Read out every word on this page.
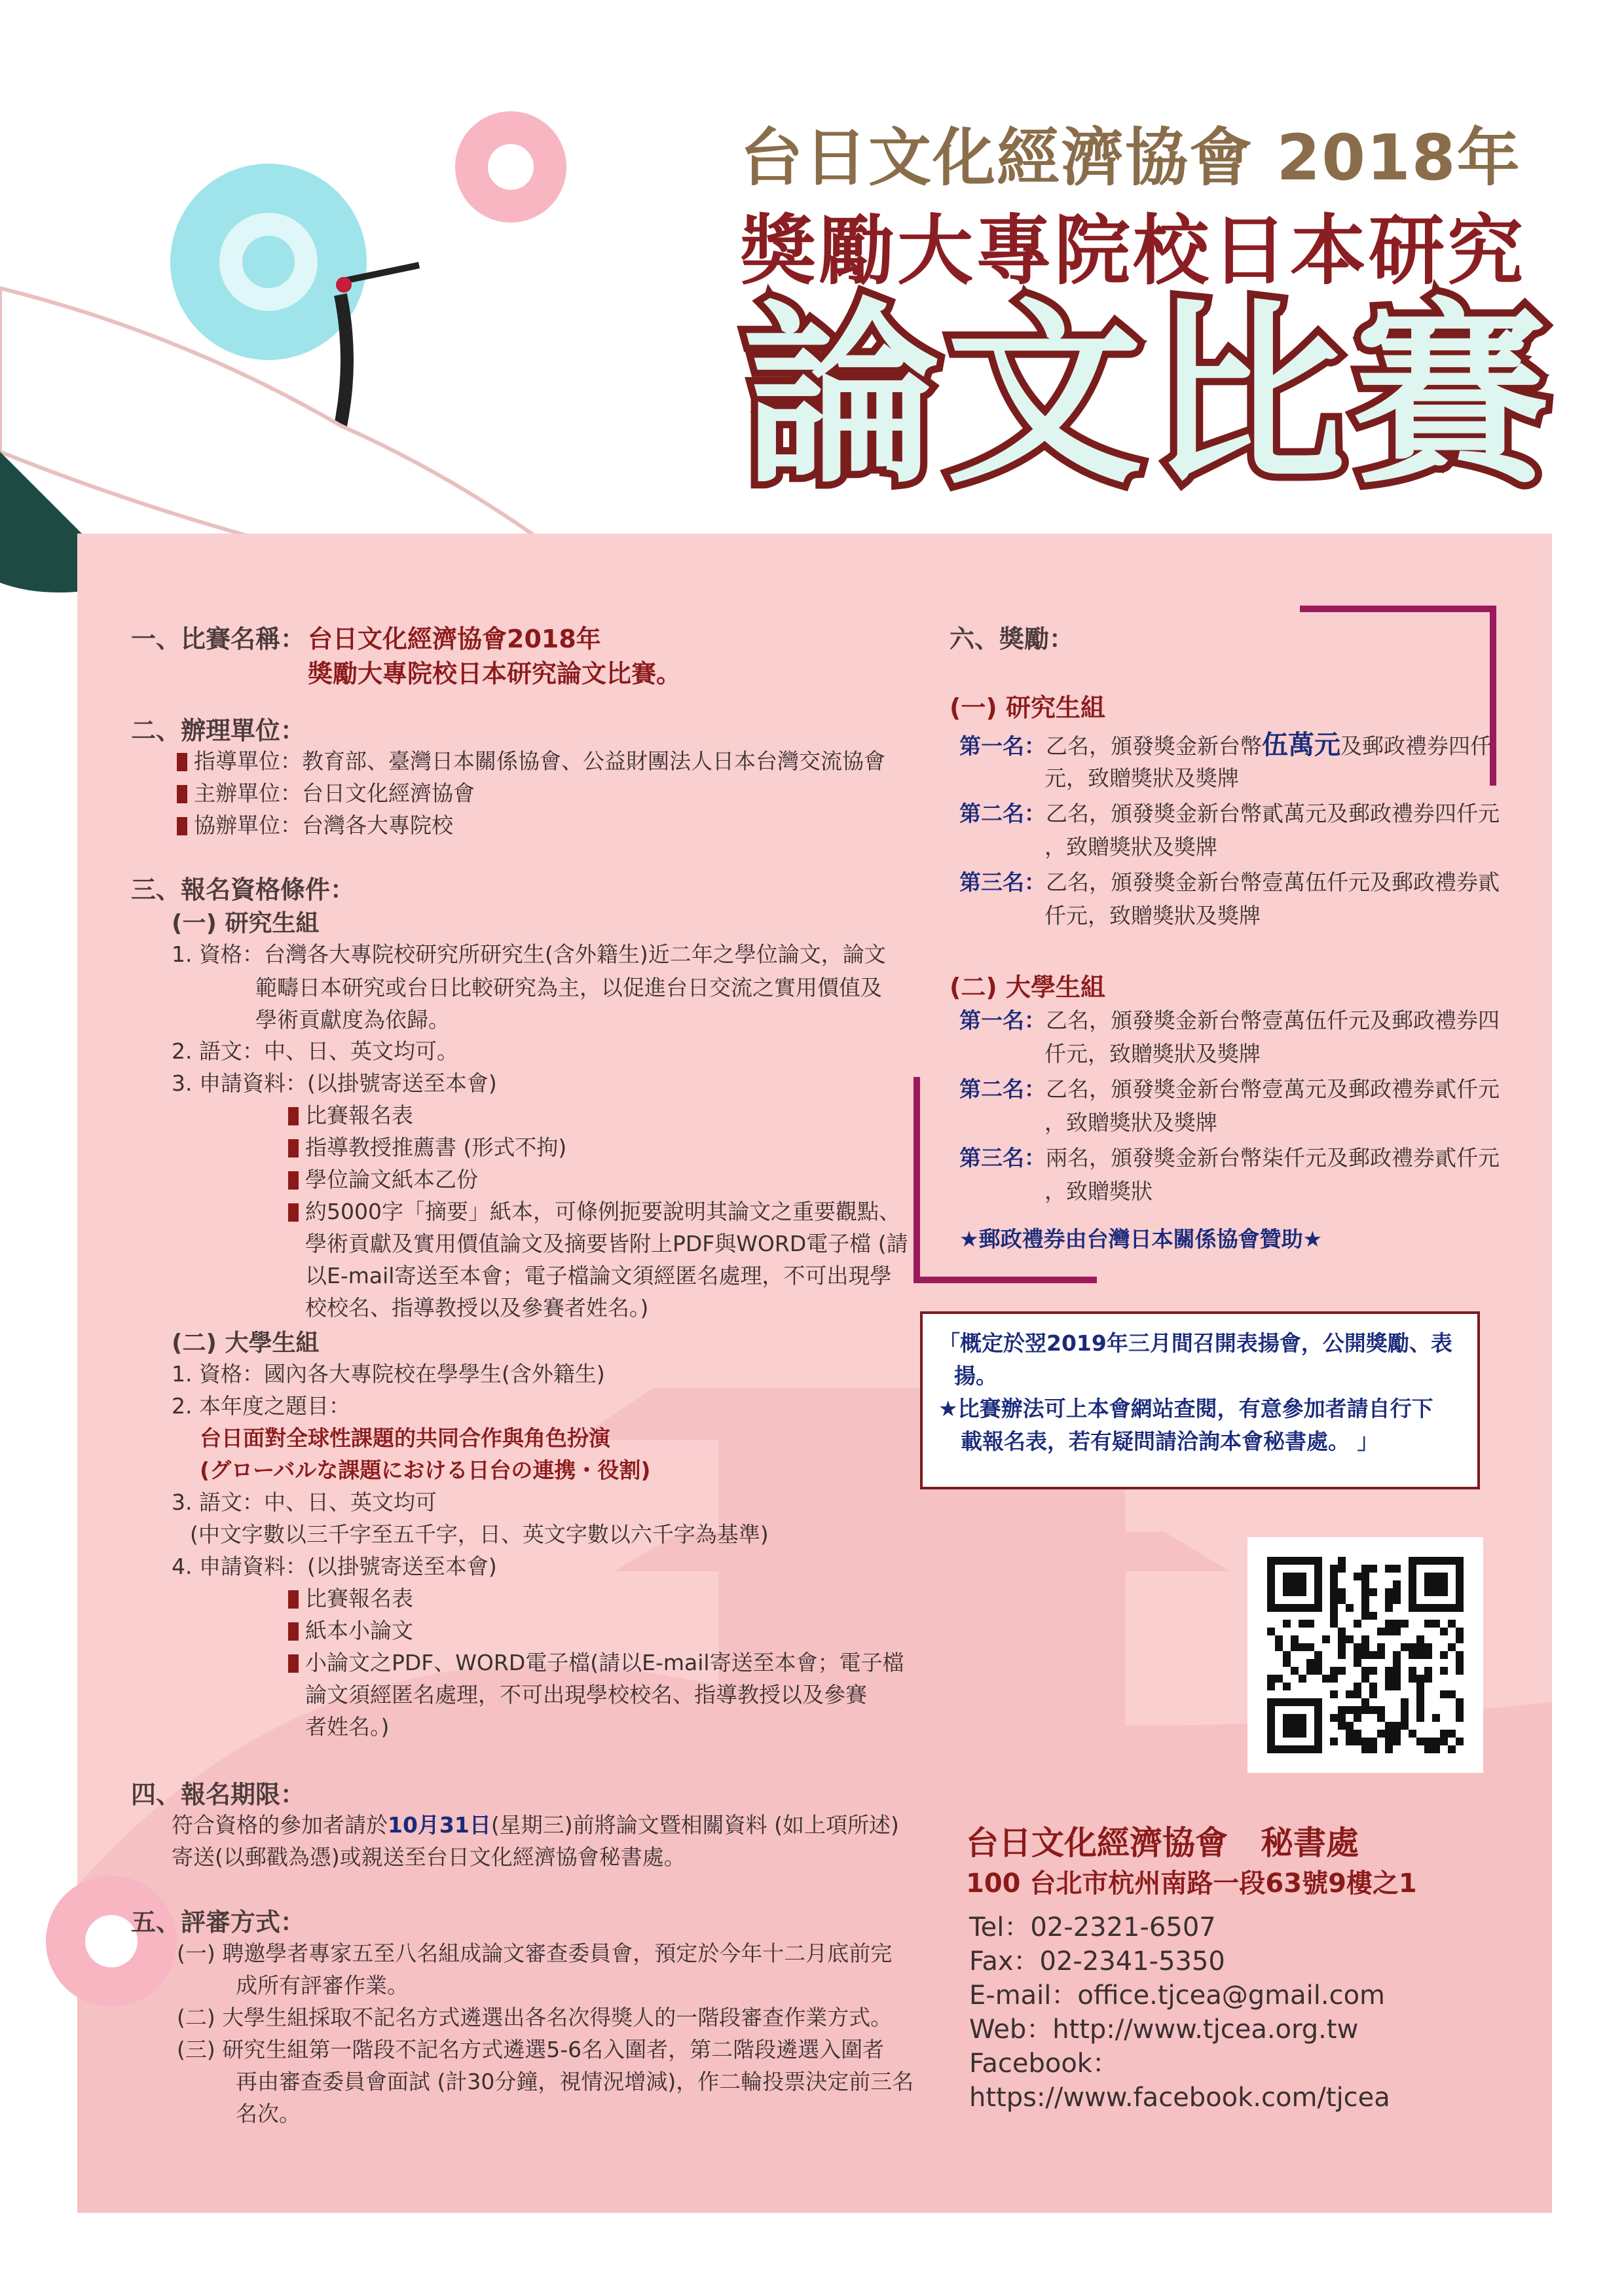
台日文化經濟協會 2018年
獎勵大專院校日本研究
論文比賽
一、比賽名稱： 台日文化經濟協會2018年
獎勵大專院校日本研究論文比賽。
二、辦理單位：
指導單位：教育部、臺灣日本關係協會、公益財團法人日本台灣交流協會
主辦單位：台日文化經濟協會
協辦單位：台灣各大專院校
三、報名資格條件：
(一) 研究生組
1. 資格：台灣各大專院校研究所研究生(含外籍生)近二年之學位論文，論文
範疇日本研究或台日比較研究為主，以促進台日交流之實用價值及
學術貢獻度為依歸。
2. 語文：中、日、英文均可。
3. 申請資料：(以掛號寄送至本會)
比賽報名表
指導教授推薦書 (形式不拘)
學位論文紙本乙份
約5000字「摘要」紙本，可條例扼要說明其論文之重要觀點、
學術貢獻及實用價值論文及摘要皆附上PDF與WORD電子檔 (請
以E-mail寄送至本會；電子檔論文須經匿名處理，不可出現學
校校名、指導教授以及參賽者姓名。)
(二) 大學生組
1. 資格：國內各大專院校在學學生(含外籍生)
2. 本年度之題目：
台日面對全球性課題的共同合作與角色扮演
(グローバルな課題における日台の連携・役割)
3. 語文：中、日、英文均可
(中文字數以三千字至五千字，日、英文字數以六千字為基準)
4. 申請資料：(以掛號寄送至本會)
比賽報名表
紙本小論文
小論文之PDF、WORD電子檔(請以E-mail寄送至本會；電子檔
論文須經匿名處理，不可出現學校校名、指導教授以及參賽
者姓名。)
四、報名期限：
符合資格的參加者請於10月31日(星期三)前將論文暨相關資料 (如上項所述)
寄送(以郵戳為憑)或親送至台日文化經濟協會秘書處。
五、評審方式：
(一) 聘邀學者專家五至八名組成論文審查委員會，預定於今年十二月底前完
成所有評審作業。
(二) 大學生組採取不記名方式遴選出各名次得獎人的一階段審查作業方式。
(三) 研究生組第一階段不記名方式遴選5-6名入圍者，第二階段遴選入圍者
再由審查委員會面試 (計30分鐘，視情況增減)，作二輪投票決定前三名
名次。
六、獎勵：
(一) 研究生組
第一名：乙名，頒發獎金新台幣伍萬元及郵政禮券四仟
元，致贈獎狀及獎牌
第二名：乙名，頒發獎金新台幣貳萬元及郵政禮券四仟元
，致贈獎狀及獎牌
第三名：乙名，頒發獎金新台幣壹萬伍仟元及郵政禮券貳
仟元，致贈獎狀及獎牌
(二) 大學生組
第一名：乙名，頒發獎金新台幣壹萬伍仟元及郵政禮券四
仟元，致贈獎狀及獎牌
第二名：乙名，頒發獎金新台幣壹萬元及郵政禮券貳仟元
，致贈獎狀及獎牌
第三名：兩名，頒發獎金新台幣柒仟元及郵政禮券貳仟元
，致贈獎狀
★郵政禮券由台灣日本關係協會贊助★
「概定於翌2019年三月間召開表揚會，公開獎勵、表
揚。
★比賽辦法可上本會網站查閱，有意參加者請自行下
載報名表，若有疑問請洽詢本會秘書處。 」
台日文化經濟協會　秘書處
100 台北市杭州南路一段63號9樓之1
Tel：02-2321-6507
Fax：02-2341-5350
E-mail：office.tjcea@gmail.com
Web：http://www.tjcea.org.tw
Facebook：
https://www.facebook.com/tjcea
